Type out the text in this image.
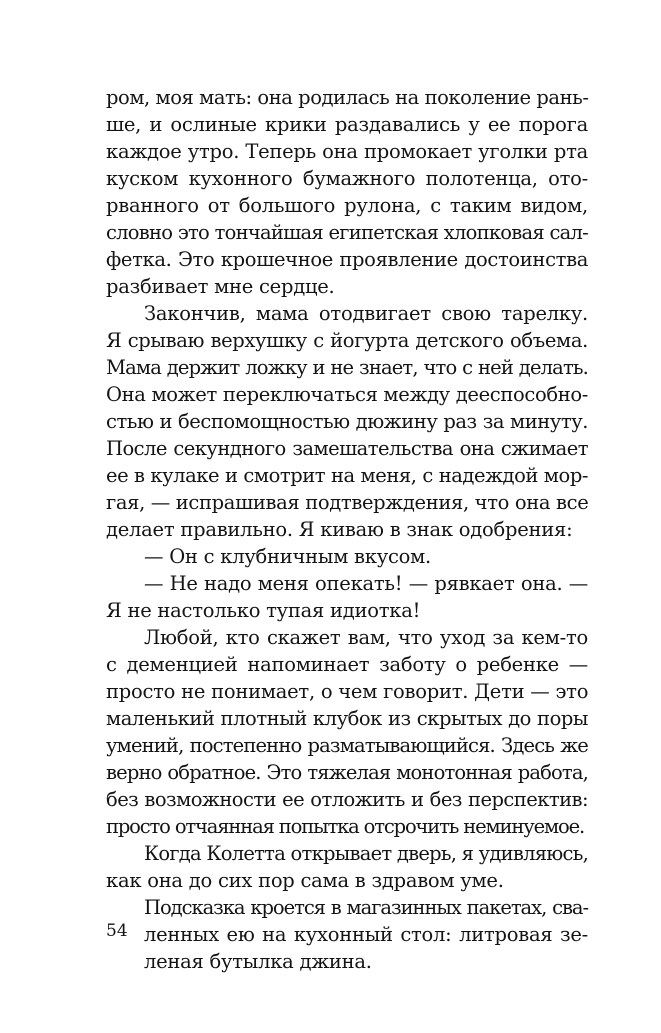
ром, моя мать: она родилась на поколение рань-
ше, и ослиные крики раздавались у ее порога
каждое утро. Теперь она промокает уголки рта
куском кухонного бумажного полотенца, ото-
рванного от большого рулона, с таким видом,
словно это тончайшая египетская хлопковая сал-
фетка. Это крошечное проявление достоинства
разбивает мне сердце.
Закончив, мама отодвигает свою тарелку.
Я срываю верхушку с йогурта детского объема.
Мама держит ложку и не знает, что с ней делать.
Она может переключаться между дееспособно-
стью и беспомощностью дюжину раз за минуту.
После секундного замешательства она сжимает
ее в кулаке и смотрит на меня, с надеждой мор-
гая, — испрашивая подтверждения, что она все
делает правильно. Я киваю в знак одобрения:
— Он с клубничным вкусом.
— Не надо меня опекать! — рявкает она. —
Я не настолько тупая идиотка!
Любой, кто скажет вам, что уход за кем-то
с деменцией напоминает заботу о ребенке —
просто не понимает, о чем говорит. Дети — это
маленький плотный клубок из скрытых до поры
умений, постепенно разматывающийся. Здесь же
верно обратное. Это тяжелая монотонная работа,
без возможности ее отложить и без перспектив:
просто отчаянная попытка отсрочить неминуемое.
Когда Колетта открывает дверь, я удивляюсь,
как она до сих пор сама в здравом уме.
Подсказка кроется в магазинных пакетах, сва-
ленных ею на кухонный стол: литровая зе-
леная бутылка джина.
54
